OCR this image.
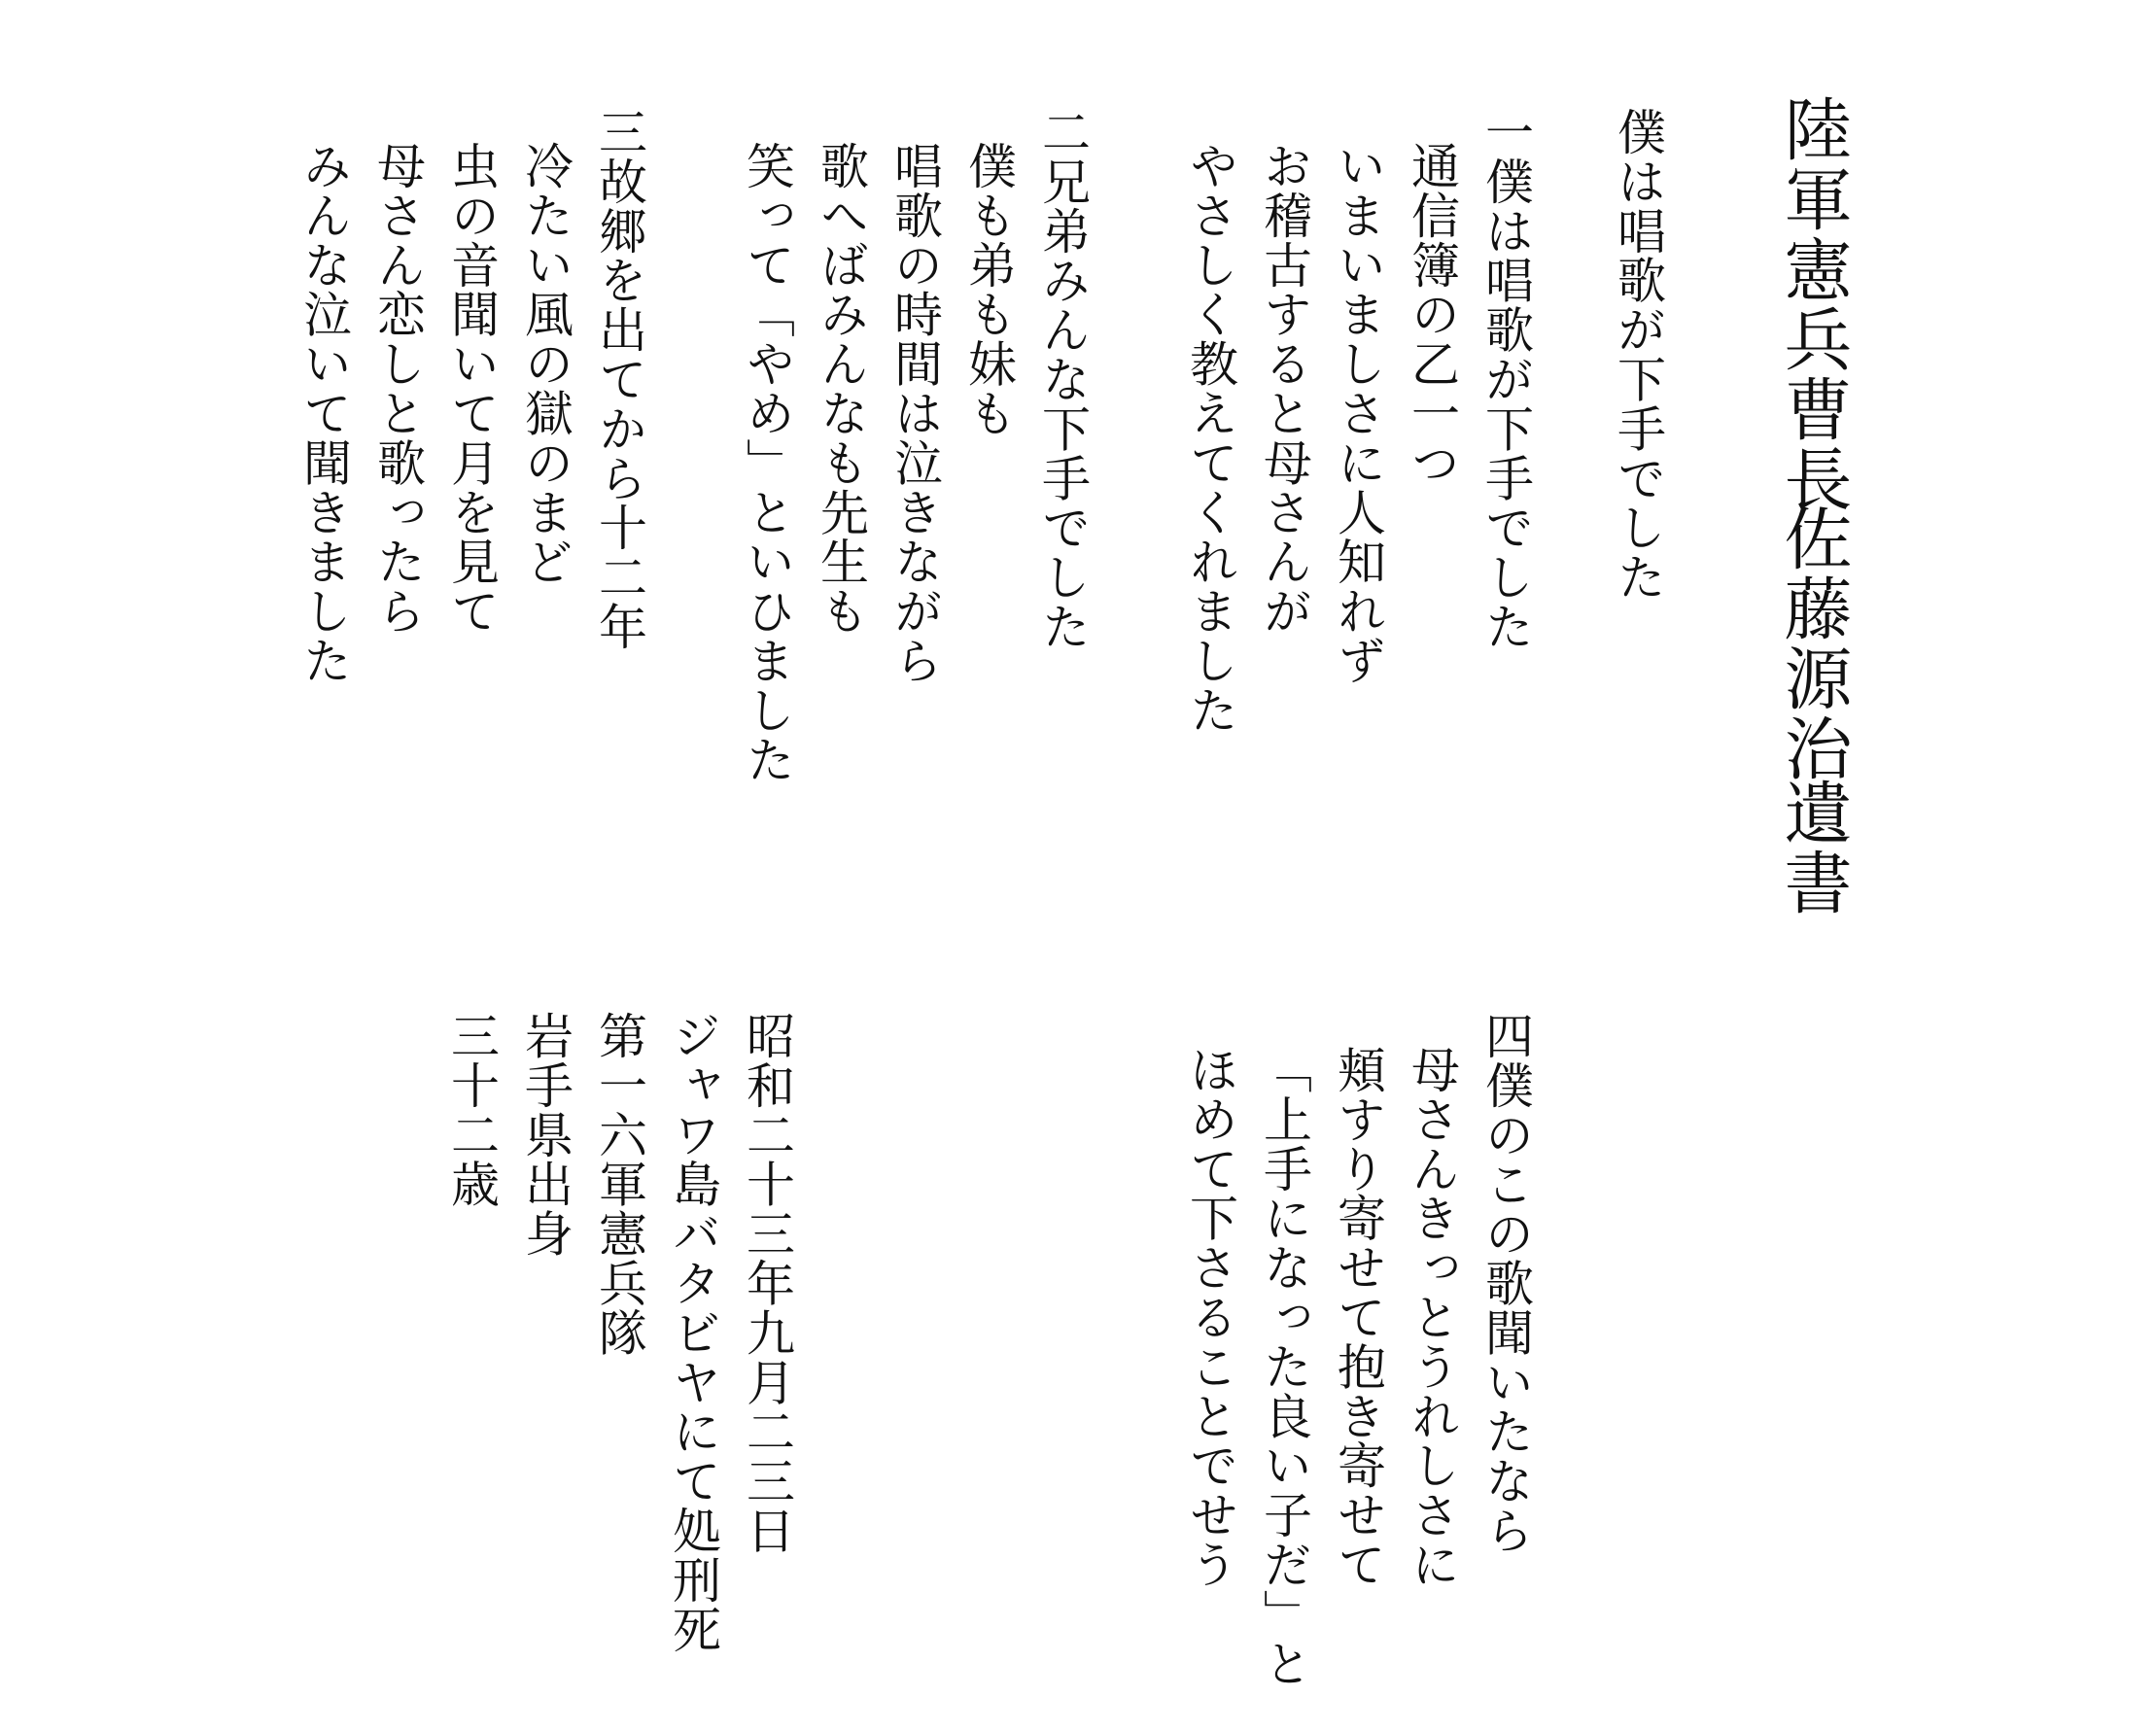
陸軍憲兵曹長
佐藤源治
遺書
僕は唱歌が下手でした
一僕は唱歌が下手でした
通信簿の乙一つ
いまいましさに人知れず
お稽古すると母さんが
やさしく教えてくれました
二兄弟みんな下手でした
僕も弟も妹も
唱歌の時間は泣きながら
歌へばみんなも先生も
笑って「やめ」といひました
三故郷を出てから十二年
冷たい風の獄のまど
虫の音聞いて月を見て
母さん恋しと歌ったら
みんな泣いて聞きました
四僕のこの歌聞いたなら
母さんきっとうれしさに
頬すり寄せて抱き寄せて
「上手になった良い子だ」と
ほめて下さることでせう
昭和二十三年九月二三日
ジャワ島バタビヤにて処刑死
第一六軍憲兵隊
岩手県出身
三十二歳
